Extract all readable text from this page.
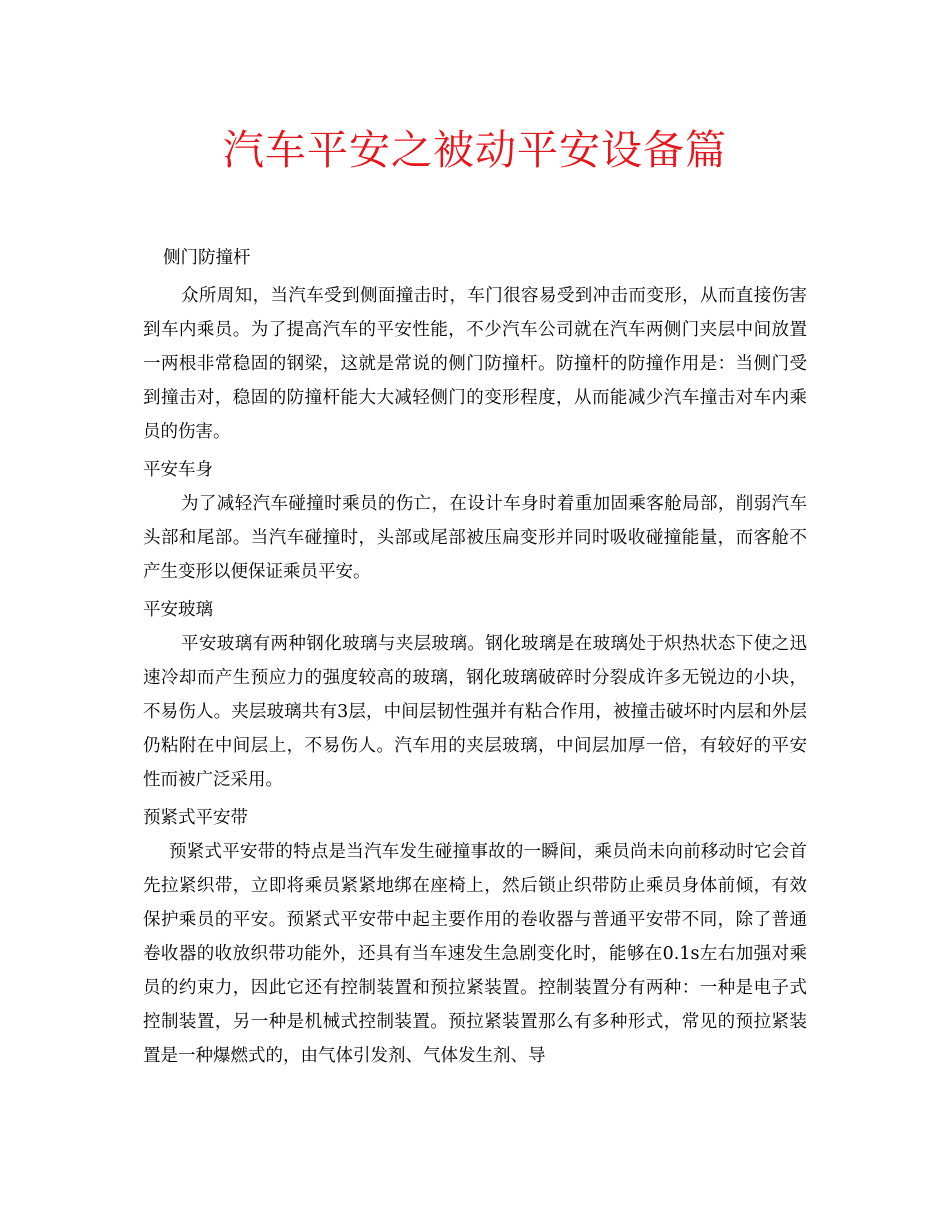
汽车平安之被动平安设备篇
侧门防撞杆

众所周知，当汽车受到侧面撞击时，车门很容易受到冲击而变形，从而直接伤害到车内乘员。为了提高汽车的平安性能，不少汽车公司就在汽车两侧门夹层中间放置一两根非常稳固的钢梁，这就是常说的侧门防撞杆。防撞杆的防撞作用是：当侧门受到撞击对，稳固的防撞杆能大大减轻侧门的变形程度，从而能减少汽车撞击对车内乘员的伤害。

平安车身

为了减轻汽车碰撞时乘员的伤亡，在设计车身时着重加固乘客舱局部，削弱汽车头部和尾部。当汽车碰撞时，头部或尾部被压扁变形并同时吸收碰撞能量，而客舱不产生变形以便保证乘员平安。

平安玻璃

平安玻璃有两种钢化玻璃与夹层玻璃。钢化玻璃是在玻璃处于炽热状态下使之迅速冷却而产生预应力的强度较高的玻璃，钢化玻璃破碎时分裂成许多无锐边的小块，不易伤人。夹层玻璃共有3层，中间层韧性强并有粘合作用，被撞击破坏时内层和外层仍粘附在中间层上，不易伤人。汽车用的夹层玻璃，中间层加厚一倍，有较好的平安性而被广泛采用。

预紧式平安带

预紧式平安带的特点是当汽车发生碰撞事故的一瞬间，乘员尚未向前移动时它会首先拉紧织带，立即将乘员紧紧地绑在座椅上，然后锁止织带防止乘员身体前倾，有效保护乘员的平安。预紧式平安带中起主要作用的卷收器与普通平安带不同，除了普通卷收器的收放织带功能外，还具有当车速发生急剧变化时，能够在0.1s左右加强对乘员的约束力，因此它还有控制装置和预拉紧装置。控制装置分有两种：一种是电子式控制装置，另一种是机械式控制装置。预拉紧装置那么有多种形式，常见的预拉紧装置是一种爆燃式的，由气体引发剂、气体发生剂、导
